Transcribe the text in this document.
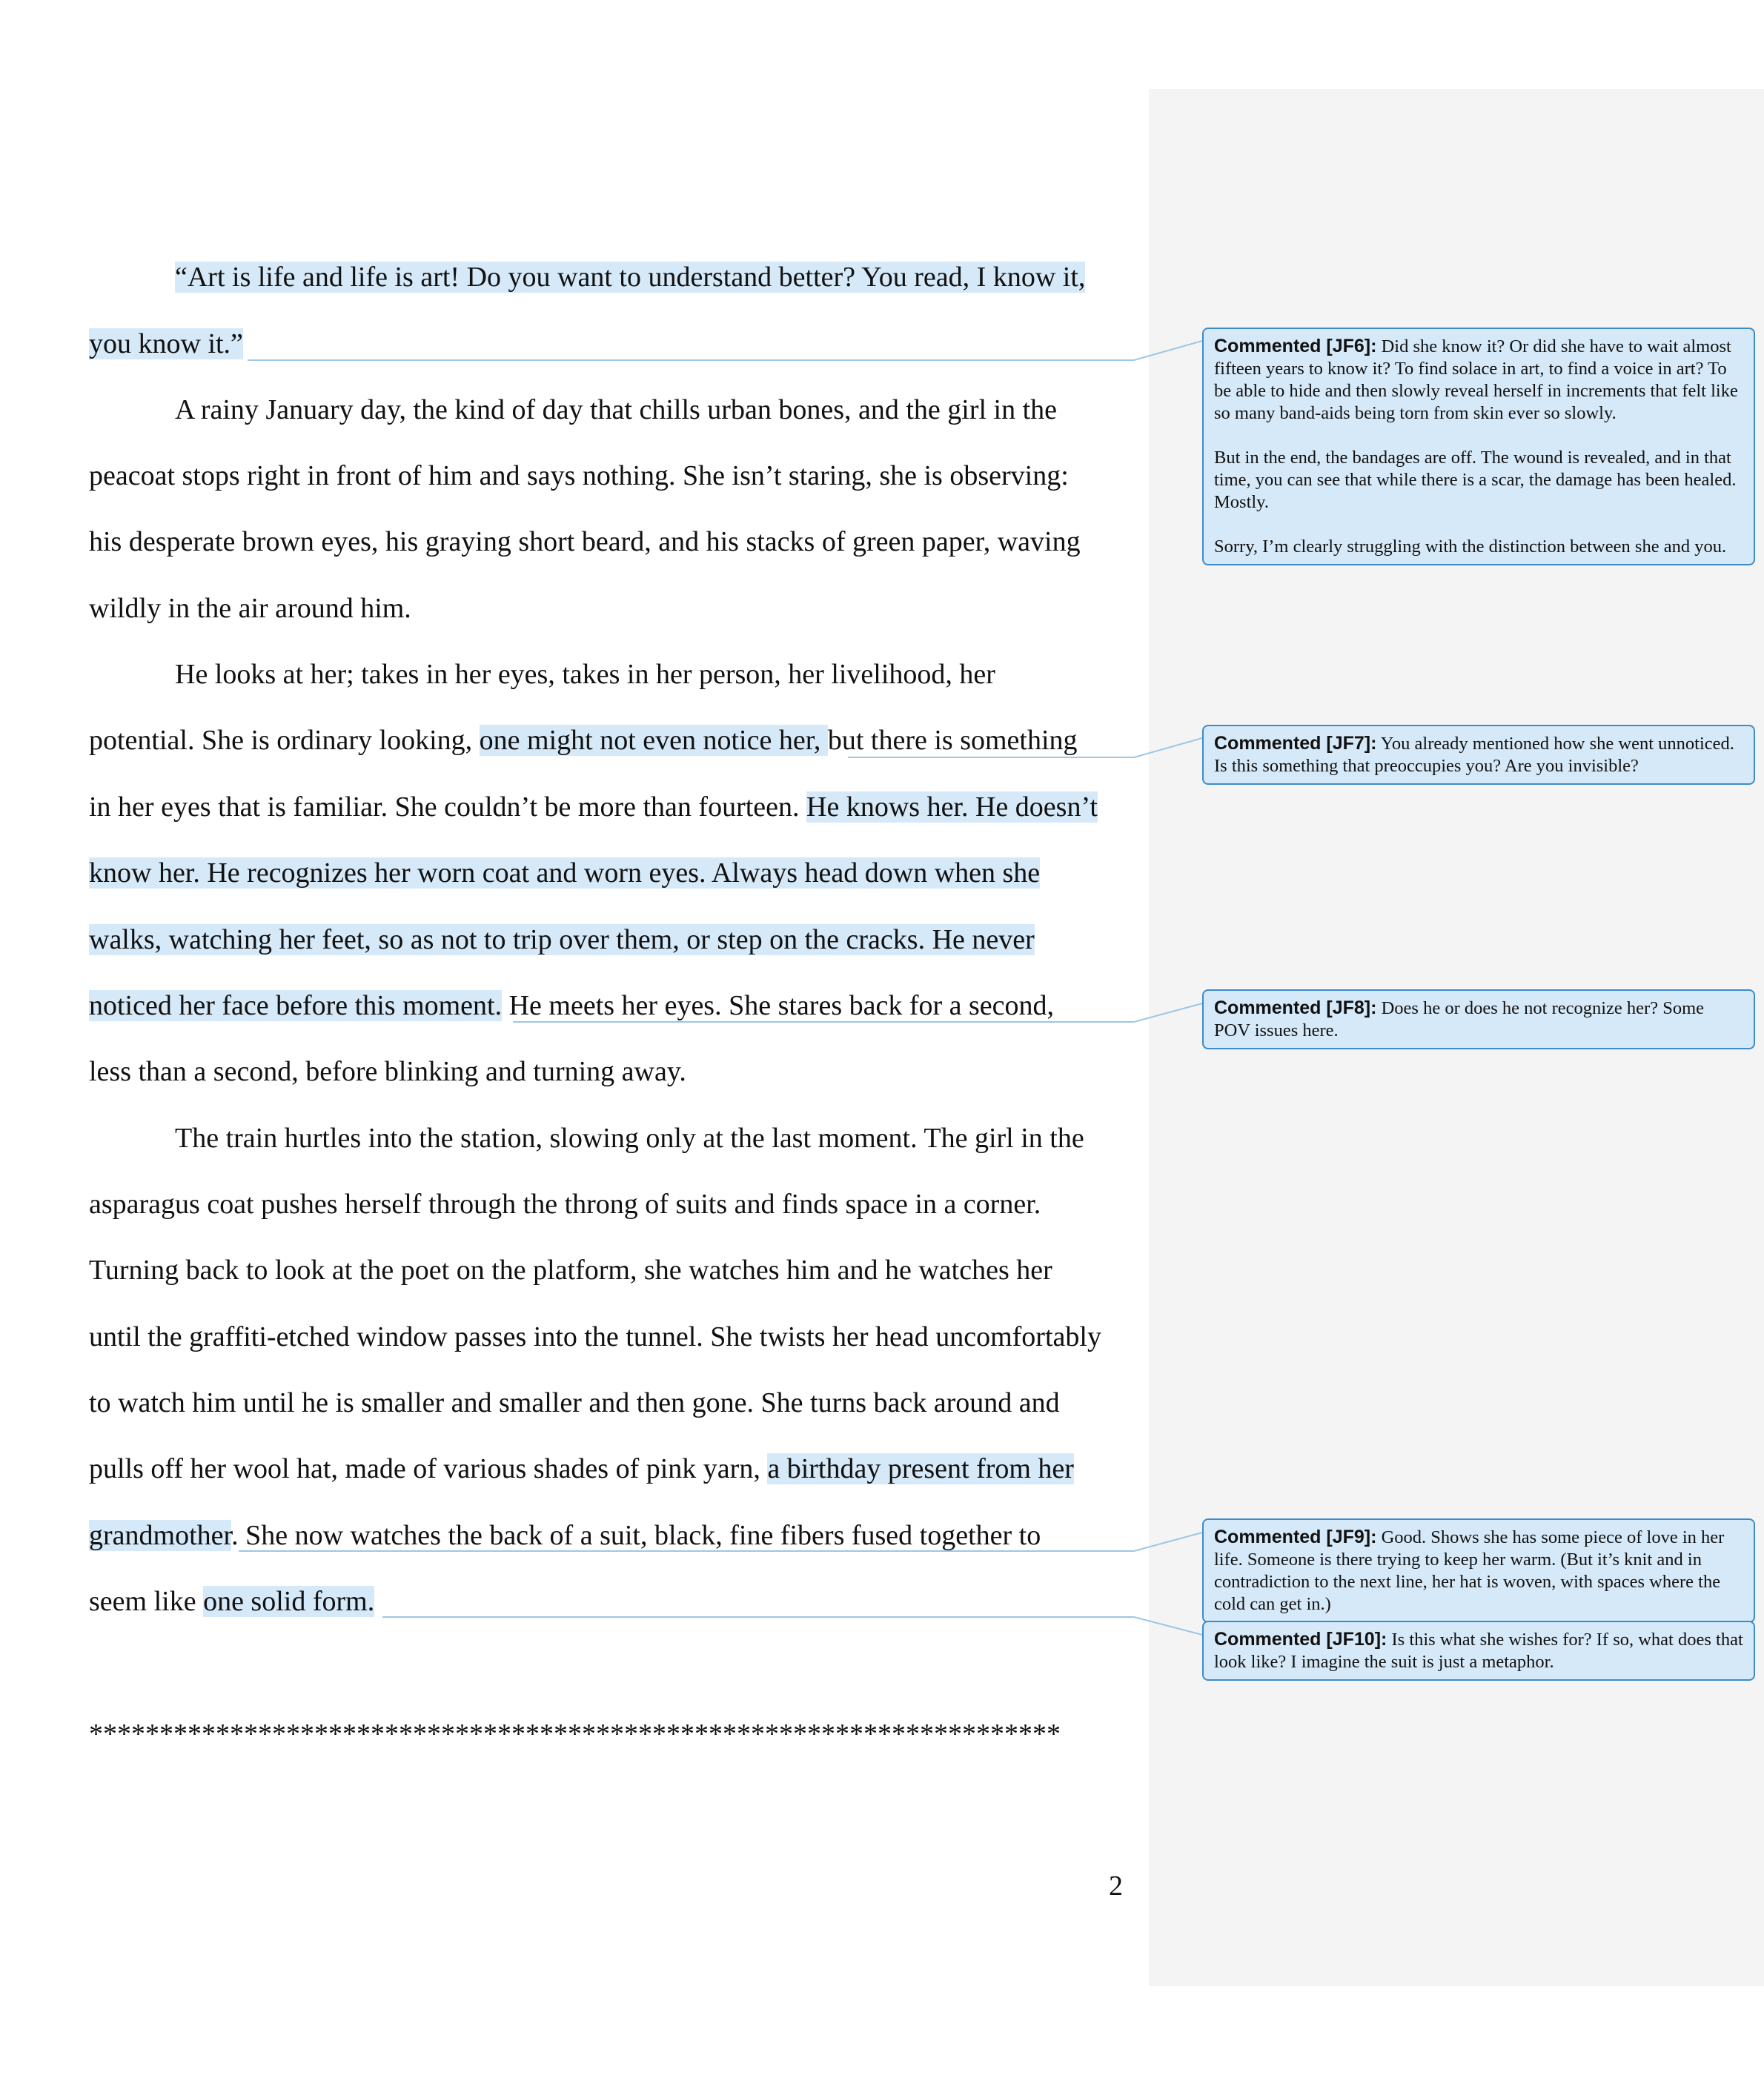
“Art is life and life is art! Do you want to understand better? You read, I know it,
you know it.”
A rainy January day, the kind of day that chills urban bones, and the girl in the
peacoat stops right in front of him and says nothing. She isn’t staring, she is observing:
his desperate brown eyes, his graying short beard, and his stacks of green paper, waving
wildly in the air around him.
He looks at her; takes in her eyes, takes in her person, her livelihood, her
potential. She is ordinary looking, one might not even notice her, but there is something
in her eyes that is familiar. She couldn’t be more than fourteen. He knows her. He doesn’t
know her. He recognizes her worn coat and worn eyes. Always head down when she
walks, watching her feet, so as not to trip over them, or step on the cracks. He never
noticed her face before this moment. He meets her eyes. She stares back for a second,
less than a second, before blinking and turning away.
The train hurtles into the station, slowing only at the last moment. The girl in the
asparagus coat pushes herself through the throng of suits and finds space in a corner.
Turning back to look at the poet on the platform, she watches him and he watches her
until the graffiti-etched window passes into the tunnel. She twists her head uncomfortably
to watch him until he is smaller and smaller and then gone. She turns back around and
pulls off her wool hat, made of various shades of pink yarn, a birthday present from her
grandmother. She now watches the back of a suit, black, fine fibers fused together to
seem like one solid form.
*********************************************************************
2

Commented [JF6]: Did she know it? Or did she have to wait almost fifteen years to know it? To find solace in art, to find a voice in art? To be able to hide and then slowly reveal herself in increments that felt like so many band-aids being torn from skin ever so slowly.

But in the end, the bandages are off. The wound is revealed, and in that time, you can see that while there is a scar, the damage has been healed. Mostly.

Sorry, I’m clearly struggling with the distinction between she and you.

Commented [JF7]: You already mentioned how she went unnoticed. Is this something that preoccupies you? Are you invisible?

Commented [JF8]: Does he or does he not recognize her? Some POV issues here.

Commented [JF9]: Good. Shows she has some piece of love in her life. Someone is there trying to keep her warm. (But it’s knit and in contradiction to the next line, her hat is woven, with spaces where the cold can get in.)

Commented [JF10]: Is this what she wishes for? If so, what does that look like? I imagine the suit is just a metaphor.
